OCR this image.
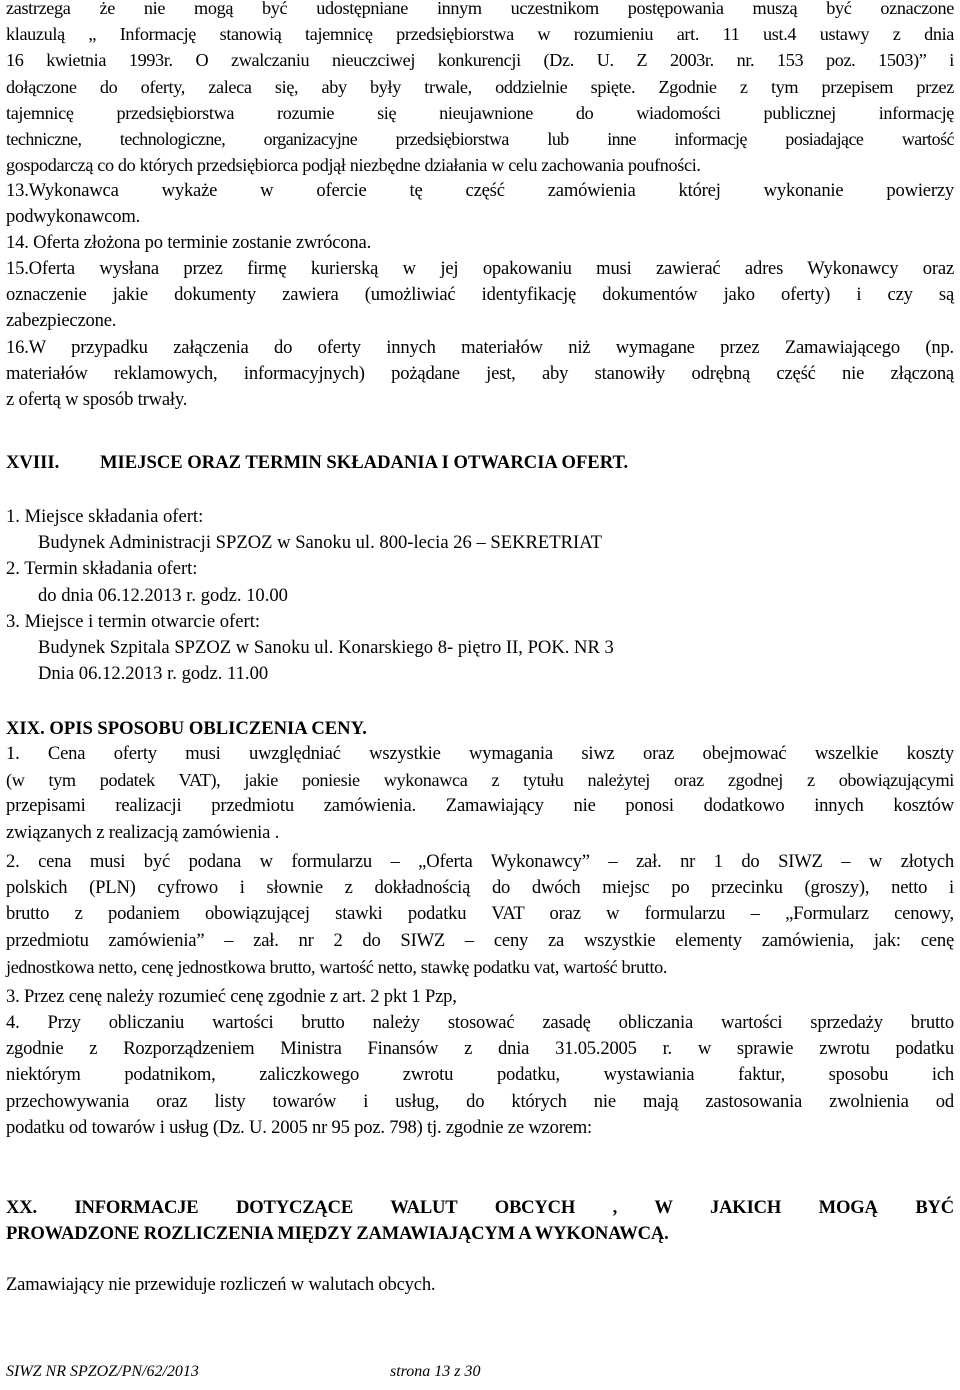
zastrzega że nie mogą być udostępniane innym uczestnikom postępowania muszą być oznaczone
klauzulą „ Informację stanowią tajemnicę przedsiębiorstwa w rozumieniu art. 11 ust.4 ustawy z dnia
16 kwietnia 1993r. O zwalczaniu nieuczciwej konkurencji (Dz. U. Z 2003r. nr. 153 poz. 1503)” i
dołączone do oferty, zaleca się, aby były trwale, oddzielnie spięte. Zgodnie z tym przepisem przez
tajemnicę przedsiębiorstwa rozumie się nieujawnione do wiadomości publicznej informację
techniczne, technologiczne, organizacyjne przedsiębiorstwa lub inne informację posiadające wartość
gospodarczą co do których przedsiębiorca podjął niezbędne działania w celu zachowania poufności.
13.Wykonawca wykaże w ofercie tę część zamówienia której wykonanie powierzy
podwykonawcom.
14. Oferta złożona po terminie zostanie zwrócona.
15.Oferta wysłana przez firmę kurierską w jej opakowaniu musi zawierać adres Wykonawcy oraz
oznaczenie jakie dokumenty zawiera (umożliwiać identyfikację dokumentów jako oferty) i czy są
zabezpieczone.
16.W przypadku załączenia do oferty innych materiałów niż wymagane przez Zamawiającego (np.
materiałów reklamowych, informacyjnych) pożądane jest, aby stanowiły odrębną część nie złączoną
z ofertą w sposób trwały.
XVIII. MIEJSCE ORAZ TERMIN SKŁADANIA I OTWARCIA OFERT.
1. Miejsce składania ofert:
Budynek Administracji SPZOZ w Sanoku ul. 800-lecia 26 – SEKRETRIAT
2. Termin składania ofert:
do dnia 06.12.2013 r. godz. 10.00
3. Miejsce i termin otwarcie ofert:
Budynek Szpitala SPZOZ w Sanoku ul. Konarskiego 8- piętro II, POK. NR 3
Dnia 06.12.2013 r. godz. 11.00
XIX. OPIS SPOSOBU OBLICZENIA CENY.
1. Cena oferty musi uwzględniać wszystkie wymagania siwz oraz obejmować wszelkie koszty
(w tym podatek VAT), jakie poniesie wykonawca z tytułu należytej oraz zgodnej z obowiązującymi
przepisami realizacji przedmiotu zamówienia. Zamawiający nie ponosi dodatkowo innych kosztów
związanych z realizacją zamówienia .
2. cena musi być podana w formularzu – „Oferta Wykonawcy” – zał. nr 1 do SIWZ – w złotych
polskich (PLN) cyfrowo i słownie z dokładnością do dwóch miejsc po przecinku (groszy), netto i
brutto z podaniem obowiązującej stawki podatku VAT oraz w formularzu – „Formularz cenowy,
przedmiotu zamówienia” – zał. nr 2 do SIWZ – ceny za wszystkie elementy zamówienia, jak: cenę
jednostkowa netto, cenę jednostkowa brutto, wartość netto, stawkę podatku vat, wartość brutto.
3. Przez cenę należy rozumieć cenę zgodnie z art. 2 pkt 1 Pzp,
4. Przy obliczaniu wartości brutto należy stosować zasadę obliczania wartości sprzedaży brutto
zgodnie z Rozporządzeniem Ministra Finansów z dnia 31.05.2005 r. w sprawie zwrotu podatku
niektórym podatnikom, zaliczkowego zwrotu podatku, wystawiania faktur, sposobu ich
przechowywania oraz listy towarów i usług, do których nie mają zastosowania zwolnienia od
podatku od towarów i usług (Dz. U. 2005 nr 95 poz. 798) tj. zgodnie ze wzorem:
XX. INFORMACJE DOTYCZĄCE WALUT OBCYCH , W JAKICH MOGĄ BYĆ
PROWADZONE ROZLICZENIA MIĘDZY ZAMAWIAJĄCYM A WYKONAWCĄ.
Zamawiający nie przewiduje rozliczeń w walutach obcych.
SIWZ NR SPZOZ/PN/62/2013	strona 13 z 30
